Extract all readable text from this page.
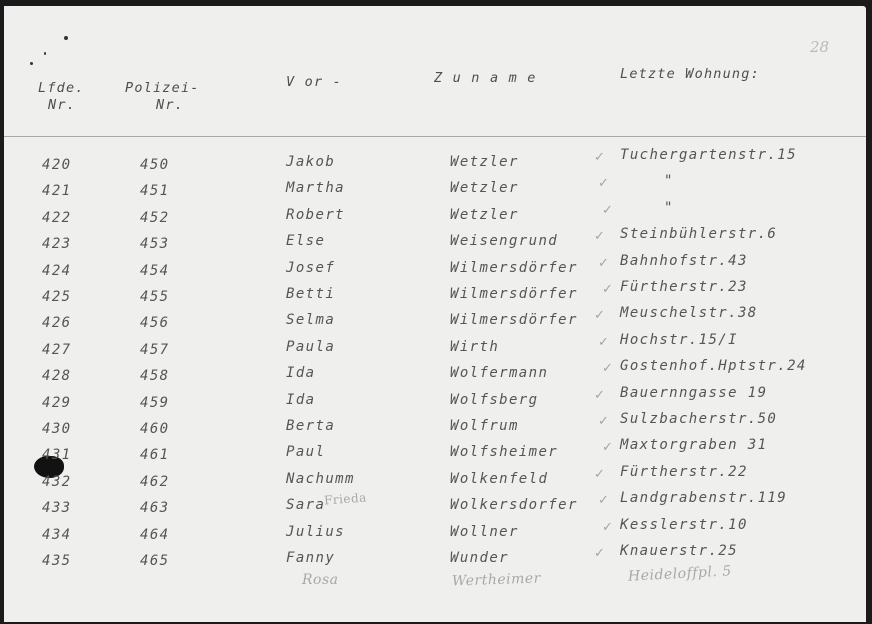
28
Lfde.
Nr.
Polizei-
Nr.
V or -	Z u n a m e	Letzte Wohnung:
420	450	Jakob	Wetzler	Tuchergartenstr.15
✓
421	451	Martha	Wetzler	"
✓
422	452	Robert	Wetzler	"
✓
423	453	Else	Weisengrund	Steinbühlerstr.6
✓
424	454	Josef	Wilmersdörfer	Bahnhofstr.43
✓
425	455	Betti	Wilmersdörfer	Fürtherstr.23
✓
426	456	Selma	Wilmersdörfer	Meuschelstr.38
✓
427	457	Paula	Wirth	Hochstr.15/I
✓
428	458	Ida	Wolfermann	Gostenhof.Hptstr.24
✓
429	459	Ida	Wolfsberg	Bauernngasse 19
✓
430	460	Berta	Wolfrum	Sulzbacherstr.50
✓
431	461	Paul	Wolfsheimer	Maxtorgraben 31
✓
432	462	Nachumm	Wolkenfeld	Fürtherstr.22
✓
433	463	Sara	Wolkersdorfer	Landgrabenstr.119
✓
434	464	Julius	Wollner	Kesslerstr.10
✓
435	465	Fanny	Wunder	Knauerstr.25
✓
Frieda
Rosa	Wertheimer	Heideloffpl. 5
